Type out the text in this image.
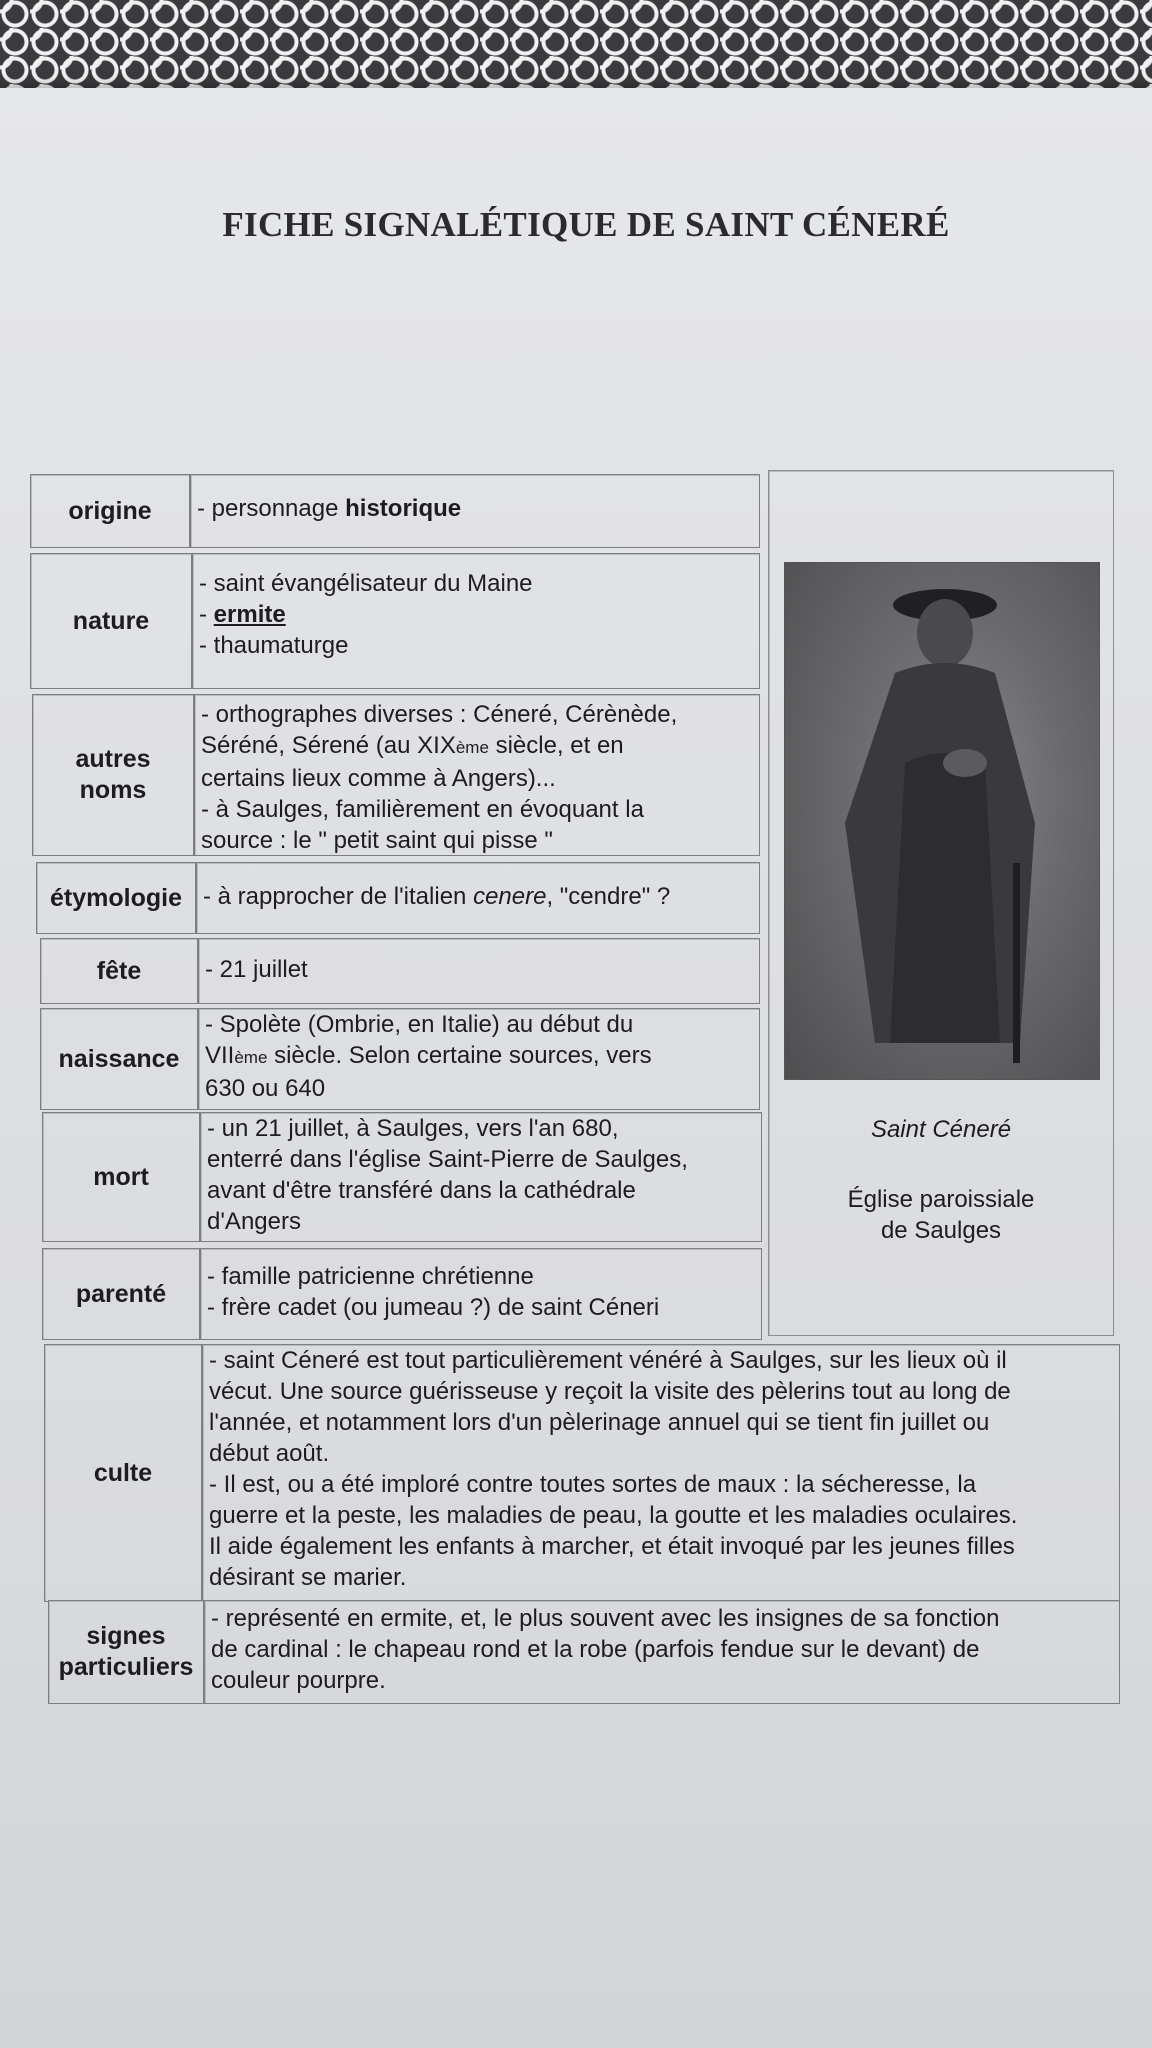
FICHE SIGNALÉTIQUE DE SAINT CÉNERÉ
origine - personnage historique
nature
- saint évangélisateur du Maine
- ermite
- thaumaturge
autres
noms
- orthographes diverses : Céneré, Cérènède,
Séréné, Sérené (au XIXème siècle, et en
certains lieux comme à Angers)...
- à Saulges, familièrement en évoquant la
source : le " petit saint qui pisse "
étymologie - à rapprocher de l'italien cenere, "cendre" ?
fête	- 21 juillet
naissance
- Spolète (Ombrie, en Italie) au début du
VIIème siècle. Selon certaine sources, vers
630 ou 640
mort
- un 21 juillet, à Saulges, vers l'an 680,
enterré dans l'église Saint-Pierre de Saulges,
avant d'être transféré dans la cathédrale
d'Angers
parenté
- famille patricienne chrétienne
- frère cadet (ou jumeau ?) de saint Céneri
Saint Céneré
Église paroissiale
de Saulges
culte
- saint Céneré est tout particulièrement vénéré à Saulges, sur les lieux où il
vécut. Une source guérisseuse y reçoit la visite des pèlerins tout au long de
l'année, et notamment lors d'un pèlerinage annuel qui se tient fin juillet ou
début août.
- Il est, ou a été imploré contre toutes sortes de maux : la sécheresse, la
guerre et la peste, les maladies de peau, la goutte et les maladies oculaires.
Il aide également les enfants à marcher, et était invoqué par les jeunes filles
désirant se marier.
signes
particuliers
- représenté en ermite, et, le plus souvent avec les insignes de sa fonction
de cardinal : le chapeau rond et la robe (parfois fendue sur le devant) de
couleur pourpre.
